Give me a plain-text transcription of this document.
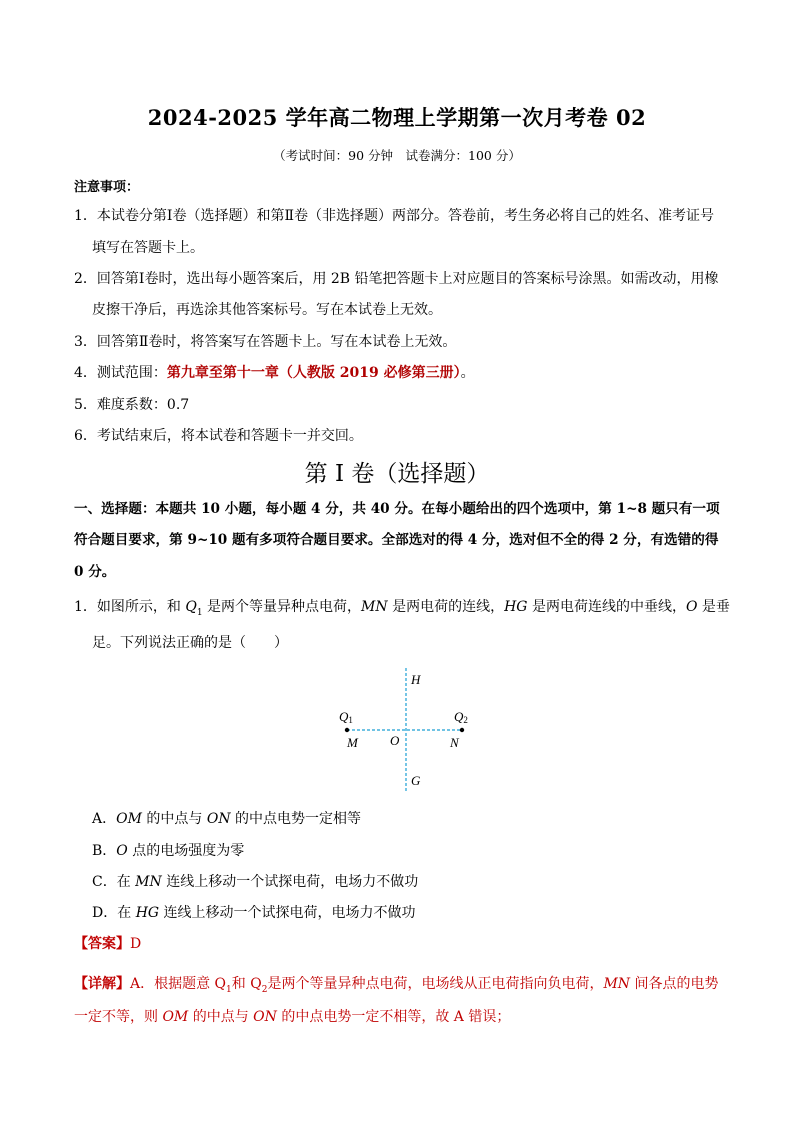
2024-2025 学年高二物理上学期第一次月考卷 02
（考试时间：90 分钟　试卷满分：100 分）
注意事项：
1．本试卷分第Ⅰ卷（选择题）和第Ⅱ卷（非选择题）两部分。答卷前，考生务必将自己的姓名、准考证号
填写在答题卡上。
2．回答第Ⅰ卷时，选出每小题答案后，用 2B 铅笔把答题卡上对应题目的答案标号涂黑。如需改动，用橡
皮擦干净后，再选涂其他答案标号。写在本试卷上无效。
3．回答第Ⅱ卷时，将答案写在答题卡上。写在本试卷上无效。
4．测试范围：第九章至第十一章（人教版 2019 必修第三册）。
5．难度系数：0.7
6．考试结束后，将本试卷和答题卡一并交回。
第 I 卷（选择题）
一、选择题：本题共 10 小题，每小题 4 分，共 40 分。在每小题给出的四个选项中，第 1~8 题只有一项
符合题目要求，第 9~10 题有多项符合题目要求。全部选对的得 4 分，选对但不全的得 2 分，有选错的得
0 分。
1．如图所示，和 $Q_1$ 是两个等量异种点电荷，MN 是两电荷的连线，HG 是两电荷连线的中垂线，O 是垂
足。下列说法正确的是（　　）
H
G
O
M	N
Q1	Q2
A．OM 的中点与 ON 的中点电势一定相等
B．O 点的电场强度为零
C．在 MN 连线上移动一个试探电荷，电场力不做功
D．在 HG 连线上移动一个试探电荷，电场力不做功
【答案】D
【详解】A．根据题意 $Q_1$和 $Q_2$是两个等量异种点电荷，电场线从正电荷指向负电荷，MN 间各点的电势
一定不等，则 OM 的中点与 ON 的中点电势一定不相等，故 A 错误；
